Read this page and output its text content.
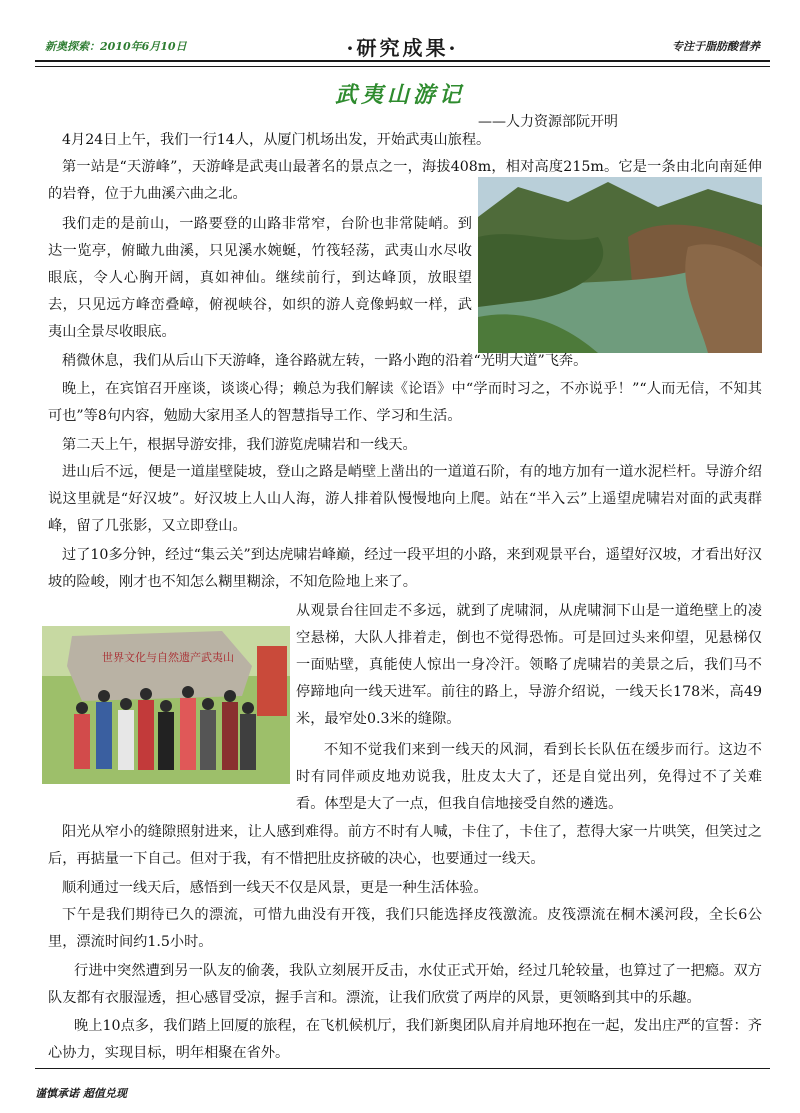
新奥探索：2010年6月10日	·研究成果·	专注于脂肪酸营养
武夷山游记
——人力资源部阮开明
世界文化与自然遗产武夷山

4月24日上午，我们一行14人，从厦门机场出发，开始武夷山旅程。

第一站是“天游峰”，天游峰是武夷山最著名的景点之一，海拔408m，相对高度215m。它是一条由北向南延伸的岩脊，位于九曲溪六曲之北。

我们走的是前山，一路要登的山路非常窄，台阶也非常陡峭。到达一览亭，俯瞰九曲溪，只见溪水婉蜒，竹筏轻荡，武夷山水尽收眼底，令人心胸开阔，真如神仙。继续前行，到达峰顶，放眼望去，只见远方峰峦叠嶂，俯视峡谷，如织的游人竟像蚂蚁一样，武夷山全景尽收眼底。

稍微休息，我们从后山下天游峰，逢谷路就左转，一路小跑的沿着“光明大道”飞奔。

晚上，在宾馆召开座谈，谈谈心得；赖总为我们解读《论语》中“学而时习之，不亦说乎！”“人而无信，不知其可也”等8句内容，勉励大家用圣人的智慧指导工作、学习和生活。

第二天上午，根据导游安排，我们游览虎啸岩和一线天。

进山后不远，便是一道崖壁陡坡，登山之路是峭壁上凿出的一道道石阶，有的地方加有一道水泥栏杆。导游介绍说这里就是“好汉坡”。好汉坡上人山人海，游人排着队慢慢地向上爬。站在“半入云”上遥望虎啸岩对面的武夷群峰，留了几张影，又立即登山。

过了10多分钟，经过“集云关”到达虎啸岩峰巅，经过一段平坦的小路，来到观景平台，遥望好汉坡，才看出好汉坡的险峻，刚才也不知怎么糊里糊涂，不知危险地上来了。

从观景台往回走不多远，就到了虎啸洞，从虎啸洞下山是一道绝壁上的凌空悬梯，大队人排着走，倒也不觉得恐怖。可是回过头来仰望，见悬梯仅一面贴壁，真能使人惊出一身冷汗。领略了虎啸岩的美景之后，我们马不停蹄地向一线天进军。前往的路上，导游介绍说，一线天长178米，高49米，最窄处0.3米的缝隙。

不知不觉我们来到一线天的风洞，看到长长队伍在缓步而行。这边不时有同伴顽皮地劝说我，肚皮太大了，还是自觉出列，免得过不了关难看。体型是大了一点，但我自信地接受自然的遴选。

阳光从窄小的缝隙照射进来，让人感到难得。前方不时有人喊，卡住了，卡住了，惹得大家一片哄笑，但笑过之后，再掂量一下自己。但对于我，有不惜把肚皮挤破的决心，也要通过一线天。

顺利通过一线天后，感悟到一线天不仅是风景，更是一种生活体验。

下午是我们期待已久的漂流，可惜九曲没有开筏，我们只能选择皮筏激流。皮筏漂流在桐木溪河段，全长6公里，漂流时间约1.5小时。

行进中突然遭到另一队友的偷袭，我队立刻展开反击，水仗正式开始，经过几轮较量，也算过了一把瘾。双方队友都有衣服湿透，担心感冒受凉，握手言和。漂流，让我们欣赏了两岸的风景，更领略到其中的乐趣。

晚上10点多，我们踏上回厦的旅程，在飞机候机厅，我们新奥团队肩并肩地环抱在一起，发出庄严的宣誓：齐心协力，实现目标，明年相聚在省外。

谨慎承诺 超值兑现
